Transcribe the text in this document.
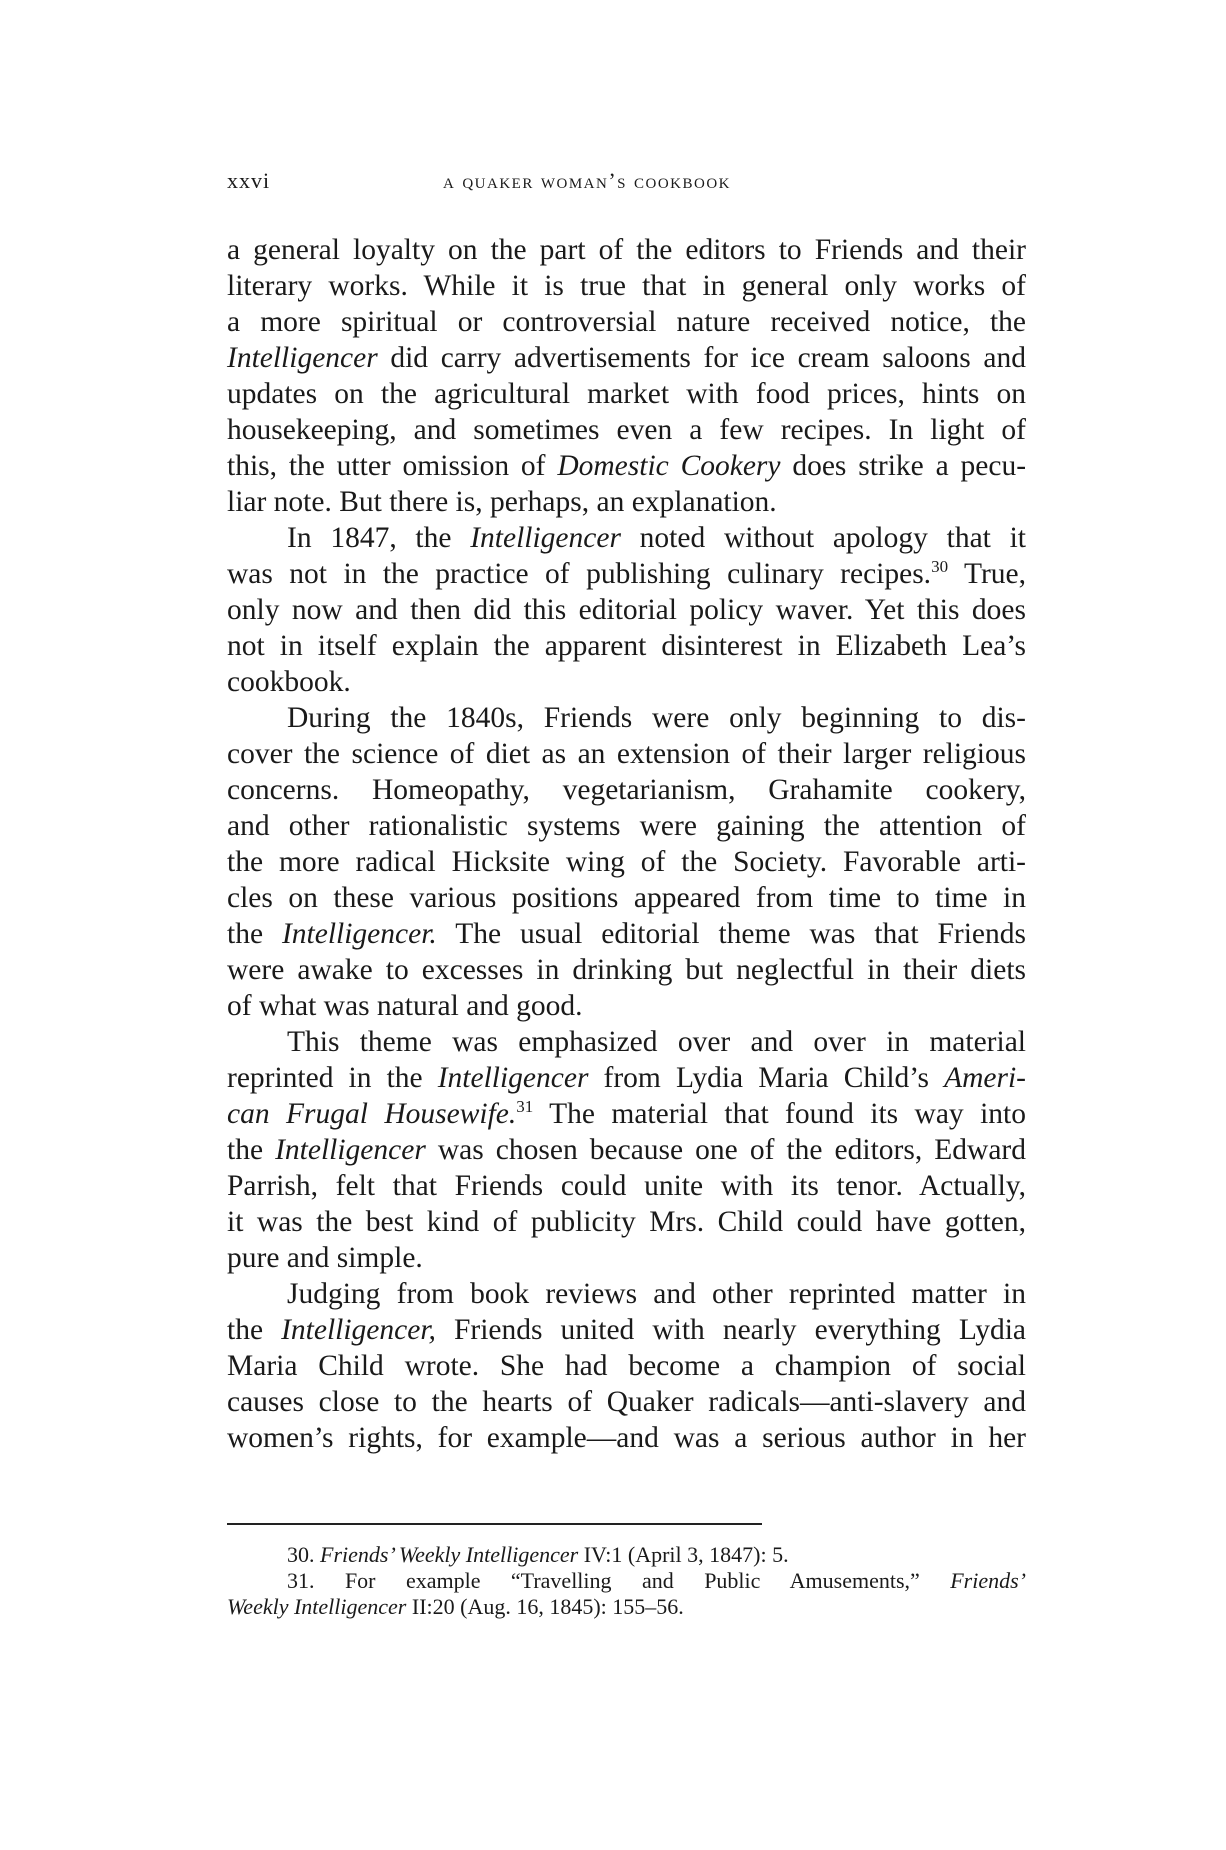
xxvi	a quaker woman’s cookbook
a general loyalty on the part of the editors to Friends and their
literary works. While it is true that in general only works of
a more spiritual or controversial nature received notice, the
Intelligencer did carry advertisements for ice cream saloons and
updates on the agricultural market with food prices, hints on
housekeeping, and sometimes even a few recipes. In light of
this, the utter omission of Domestic Cookery does strike a pecu-
liar note. But there is, perhaps, an explanation.
In 1847, the Intelligencer noted without apology that it
was not in the practice of publishing culinary recipes.$^{30}$ True,
only now and then did this editorial policy waver. Yet this does
not in itself explain the apparent disinterest in Elizabeth Lea’s
cookbook.
During the 1840s, Friends were only beginning to dis-
cover the science of diet as an extension of their larger religious
concerns. Homeopathy, vegetarianism, Grahamite cookery,
and other rationalistic systems were gaining the attention of
the more radical Hicksite wing of the Society. Favorable arti-
cles on these various positions appeared from time to time in
the Intelligencer. The usual editorial theme was that Friends
were awake to excesses in drinking but neglectful in their diets
of what was natural and good.
This theme was emphasized over and over in material
reprinted in the Intelligencer from Lydia Maria Child’s Ameri-
can Frugal Housewife.$^{31}$ The material that found its way into
the Intelligencer was chosen because one of the editors, Edward
Parrish, felt that Friends could unite with its tenor. Actually,
it was the best kind of publicity Mrs. Child could have gotten,
pure and simple.
Judging from book reviews and other reprinted matter in
the Intelligencer, Friends united with nearly everything Lydia
Maria Child wrote. She had become a champion of social
causes close to the hearts of Quaker radicals—anti-slavery and
women’s rights, for example—and was a serious author in her
30. Friends’ Weekly Intelligencer IV:1 (April 3, 1847): 5.
31. For example “Travelling and Public Amusements,” Friends’
Weekly Intelligencer II:20 (Aug. 16, 1845): 155–56.
